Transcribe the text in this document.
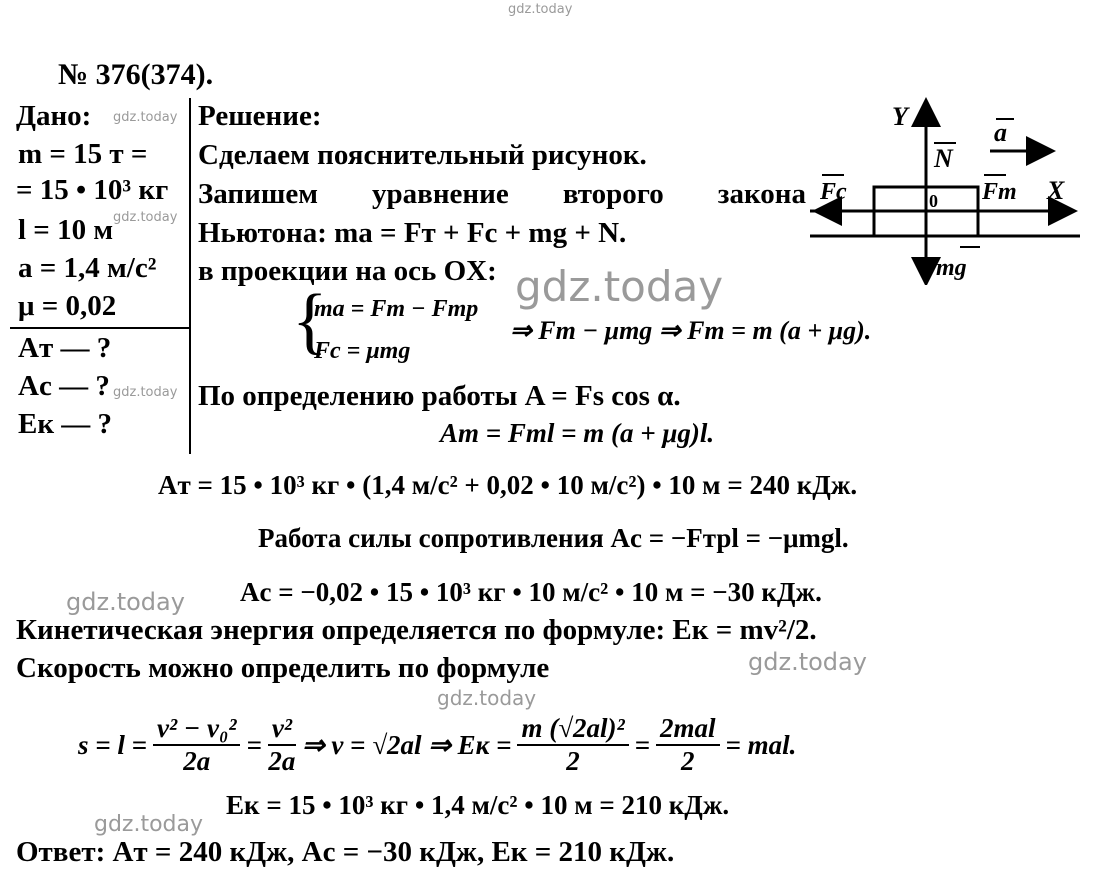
gdz.today
gdz.today
gdz.today
gdz.today
gdz.today
gdz.today
gdz.today
gdz.today
gdz.today
№ 376(374).
Дано:
m = 15 т =
= 15 • 10³ кг
l = 10 м
a = 1,4 м/с²
μ = 0,02
Aт — ?
Ac — ?
Eк — ?
Решение:
Сделаем пояснительный рисунок.
Запишем уравнение второго закона
Ньютона: ma = Fт + Fc + mg + N.
в проекции на ось OX:
{
ma = Fт − Fтр
Fc = μmg
⇒ Fт − μmg ⇒ Fт = m (a + μg).
По определению работы A = Fs cos α.
Aт = Fтl = m (a + μg)l.
Aт = 15 • 10³ кг • (1,4 м/с² + 0,02 • 10 м/с²) • 10 м = 240 кДж.
Работа силы сопротивления Ac = −Fтрl = −μmgl.
Ac = −0,02 • 15 • 10³ кг • 10 м/с² • 10 м = −30 кДж.
Кинетическая энергия определяется по формуле: Eк = mv²/2.
Скорость можно определить по формуле
$s = l = \frac{\text{v² − v₀²}}{2a} = \frac{\text{v²}}{2a}$ ⇒ v = √2al ⇒ Eк = $\frac{\text{m (√2al)²}}{2} = \frac{\text{2mal}}{2}$ = mal.
Eк = 15 • 10³ кг • 1,4 м/с² • 10 м = 210 кДж.
Ответ: Aт = 240 кДж, Ac = −30 кДж, Eк = 210 кДж.
Y
X
0
a
N
Fc	Fт
mg
